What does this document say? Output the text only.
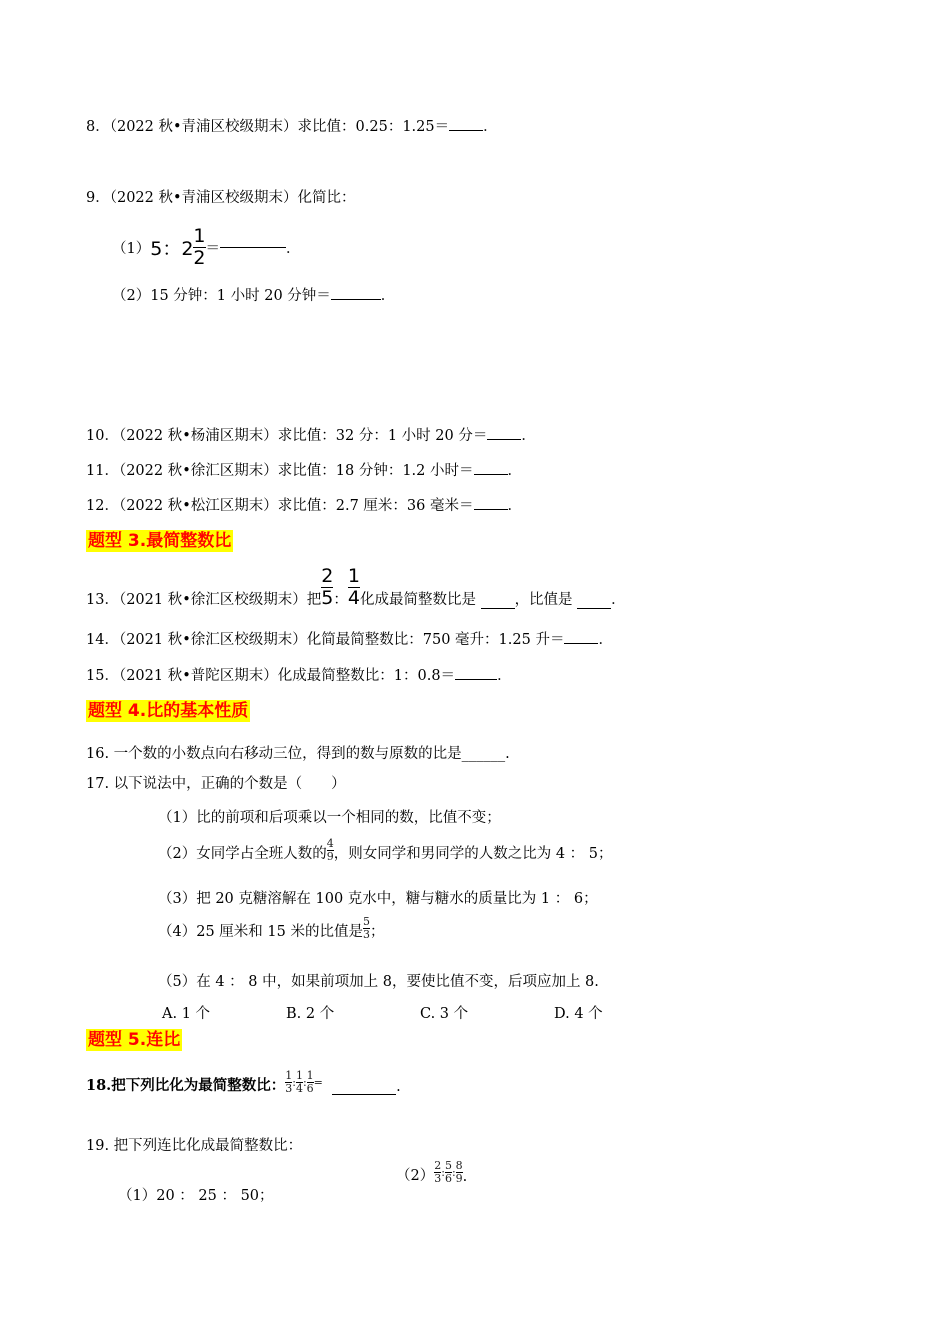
8．（2022 秋•青浦区校级期末）求比值：0.25：1.25＝ ．
9．（2022 秋•青浦区校级期末）化简比：
（1）5：$2 \frac{1}{2}$ ＝	．
（2）15 分钟：1 小时 20 分钟＝	．
10．（2022 秋•杨浦区期末）求比值：32 分：1 小时 20 分＝ ．
11．（2022 秋•徐汇区期末）求比值：18 分钟：1.2 小时＝ ．
12．（2022 秋•松江区期末）求比值：2.7 厘米：36 毫米＝ ．
题型 3.最简整数比
13．（2021 秋•徐汇区校级期末）把 $\frac{2}{5}$ ： $\frac{1}{4}$ 化成最简整数比是	，比值是	．
14．（2021 秋•徐汇区校级期末）化简最简整数比：750 毫升：1.25 升＝ ．
15．（2021 秋•普陀区期末）化成最简整数比：1：0.8＝	．
题型 4.比的基本性质
16. 一个数的小数点向右移动三位，得到的数与原数的比是______.
17. 以下说法中，正确的个数是（　　）
（1）比的前项和后项乘以一个相同的数，比值不变；
（2）女同学占全班人数的 $\frac{4}{9}$ ，则女同学和男同学的人数之比为 4 ： 5；
（3）把 20 克糖溶解在 100 克水中，糖与糖水的质量比为 1 ： 6；
（4）25 厘米和 15 米的比值是 $\frac{5}{3}$ ；
（5）在 4 ： 8 中，如果前项加上 8，要使比值不变，后项应加上 8.
A. 1 个	B. 2 个	C. 3 个	D. 4 个
题型 5.连比
18.把下列比化为最简整数比： $\frac{1}{3}$ : $\frac{1}{4}$ : $\frac{1}{6}$ =	.
19. 把下列连比化成最简整数比：
（1）20 ： 25 ： 50；
$(2) \frac{2}{3}$ : $\frac{5}{6}$ : $\frac{8}{9}$ .
